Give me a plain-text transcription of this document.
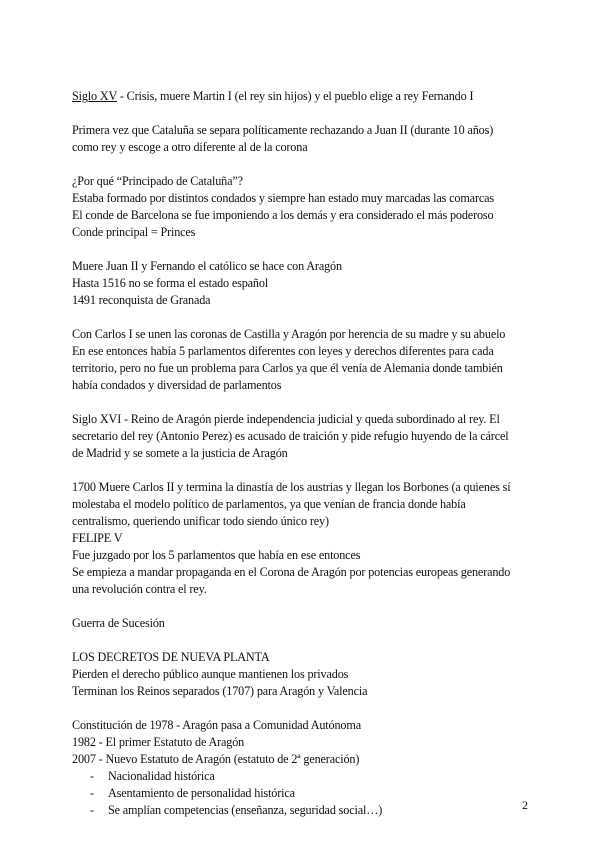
Siglo XV - Crisis, muere Martin I (el rey sin hijos) y el pueblo elige a rey Fernando I

Primera vez que Cataluña se separa políticamente rechazando a Juan II (durante 10 años)
como rey y escoge a otro diferente al de la corona

¿Por qué “Principado de Cataluña”?
Estaba formado por distintos condados y siempre han estado muy marcadas las comarcas
El conde de Barcelona se fue imponiendo a los demás y era considerado el más poderoso
Conde principal = Princes

Muere Juan II y Fernando el católico se hace con Aragón
Hasta 1516 no se forma el estado español
1491 reconquista de Granada

Con Carlos I se unen las coronas de Castilla y Aragón por herencia de su madre y su abuelo
En ese entonces había 5 parlamentos diferentes con leyes y derechos diferentes para cada
territorio, pero no fue un problema para Carlos ya que él venía de Alemania donde también
había condados y diversidad de parlamentos

Siglo XVI - Reino de Aragón pierde independencia judicial y queda subordinado al rey. El
secretario del rey (Antonio Perez) es acusado de traición y pide refugio huyendo de la cárcel
de Madrid y se somete a la justicia de Aragón

1700 Muere Carlos II y termina la dinastía de los austrias y llegan los Borbones (a quienes sí
molestaba el modelo político de parlamentos, ya que venían de francia donde había
centralismo, queriendo unificar todo siendo único rey)
FELIPE V
Fue juzgado por los 5 parlamentos que había en ese entonces
Se empieza a mandar propaganda en el Corona de Aragón por potencias europeas generando
una revolución contra el rey.

Guerra de Sucesión

LOS DECRETOS DE NUEVA PLANTA
Pierden el derecho público aunque mantienen los privados
Terminan los Reinos separados (1707) para Aragón y Valencia

Constitución de 1978 - Aragón pasa a Comunidad Autónoma
1982 - El primer Estatuto de Aragón
2007 - Nuevo Estatuto de Aragón (estatuto de 2ª generación)
-	Nacionalidad histórica
-	Asentamiento de personalidad histórica
-	Se amplían competencias (enseñanza, seguridad social…)	2
